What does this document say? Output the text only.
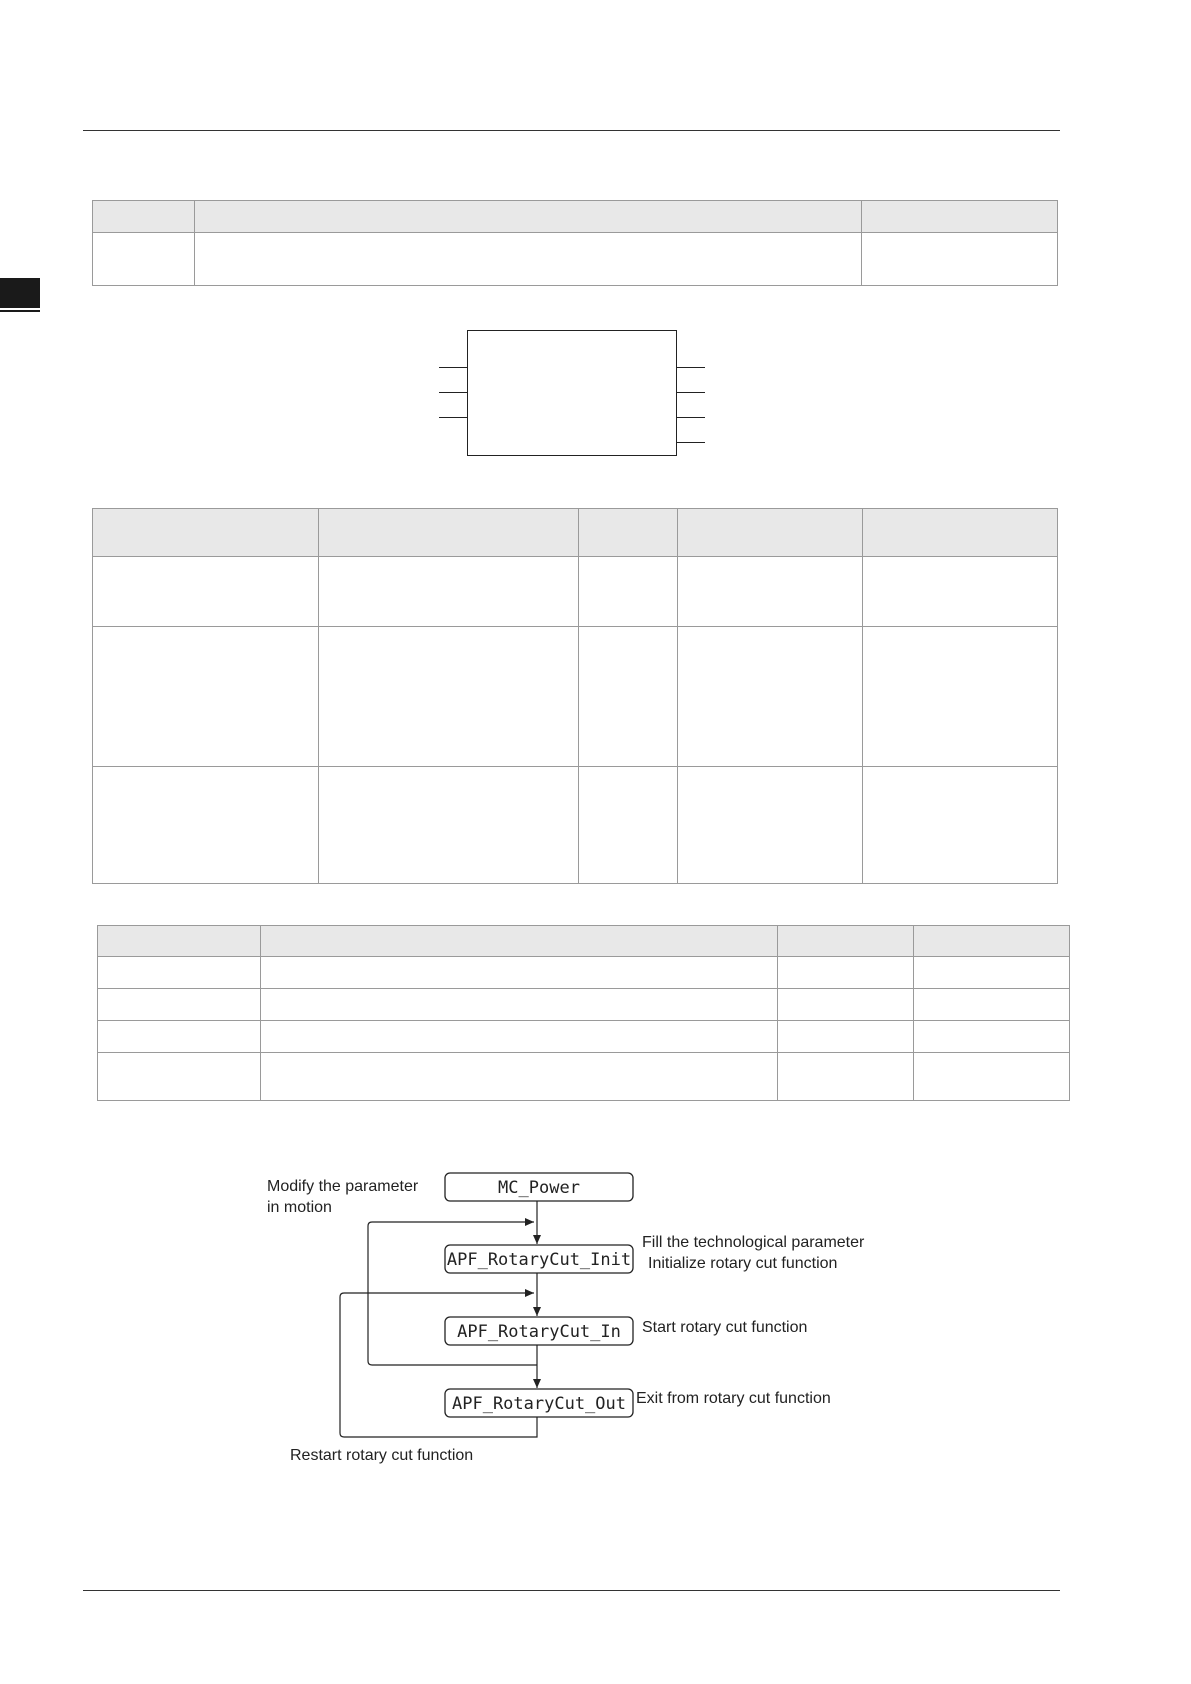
MC_Power
APF_RotaryCut_Init
APF_RotaryCut_In
APF_RotaryCut_Out
Modify the parameter
in motion
Fill the technological parameter
Initialize rotary cut function
Start rotary cut function
Exit from rotary cut function
Restart rotary cut function
